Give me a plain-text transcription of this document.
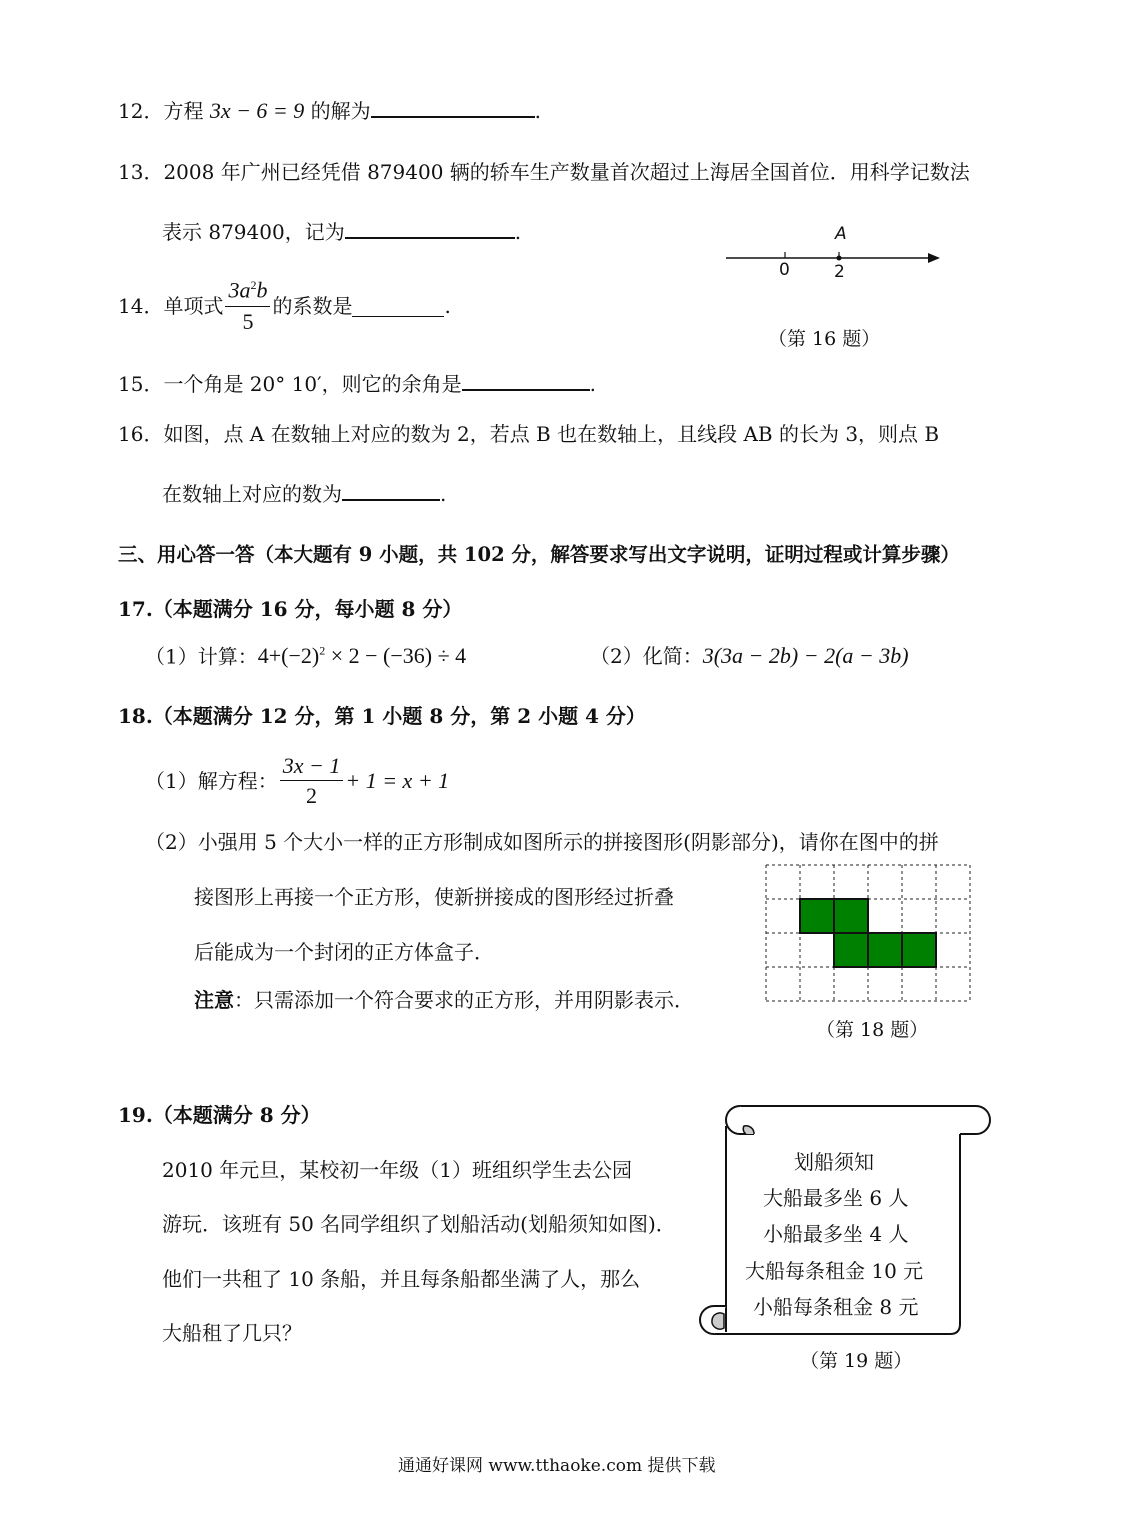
12．方程 3x − 6 = 9 的解为	.
13．2008 年广州已经凭借 879400 辆的轿车生产数量首次超过上海居全国首位．用科学记数法
表示 879400，记为	.	A
0	2
（第 16 题）
14． 单项式 $\frac{3a^2b}{5}$ 的系数是	.
15．一个角是 20° 10′，则它的余角是	.
16．如图，点 A 在数轴上对应的数为 2，若点 B 也在数轴上，且线段 AB 的长为 3，则点 B
在数轴上对应的数为	.
三、用心答一答（本大题有 9 小题，共 102 分，解答要求写出文字说明，证明过程或计算步骤）
17.（本题满分 16 分，每小题 8 分）
（1）计算：$4+(-2)^2 \times 2 - (-36) \div 4$	（2）化简：3(3a − 2b) − 2(a − 3b)
18.（本题满分 12 分，第 1 小题 8 分，第 2 小题 4 分）
（1）解方程： $\frac{3x - 1}{2} + 1 = x + 1$
（2）小强用 5 个大小一样的正方形制成如图所示的拼接图形(阴影部分)，请你在图中的拼
接图形上再接一个正方形，使新拼接成的图形经过折叠
后能成为一个封闭的正方体盒子．
注意：只需添加一个符合要求的正方形，并用阴影表示．
（第 18 题）
19.（本题满分 8 分）
2010 年元旦，某校初一年级（1）班组织学生去公园
游玩．该班有 50 名同学组织了划船活动(划船须知如图)．
他们一共租了 10 条船，并且每条船都坐满了人，那么
大船租了几只？
划船须知
大船最多坐 6 人
小船最多坐 4 人
大船每条租金 10 元
小船每条租金 8 元
（第 19 题）
通通好课网 www.tthaoke.com 提供下载
